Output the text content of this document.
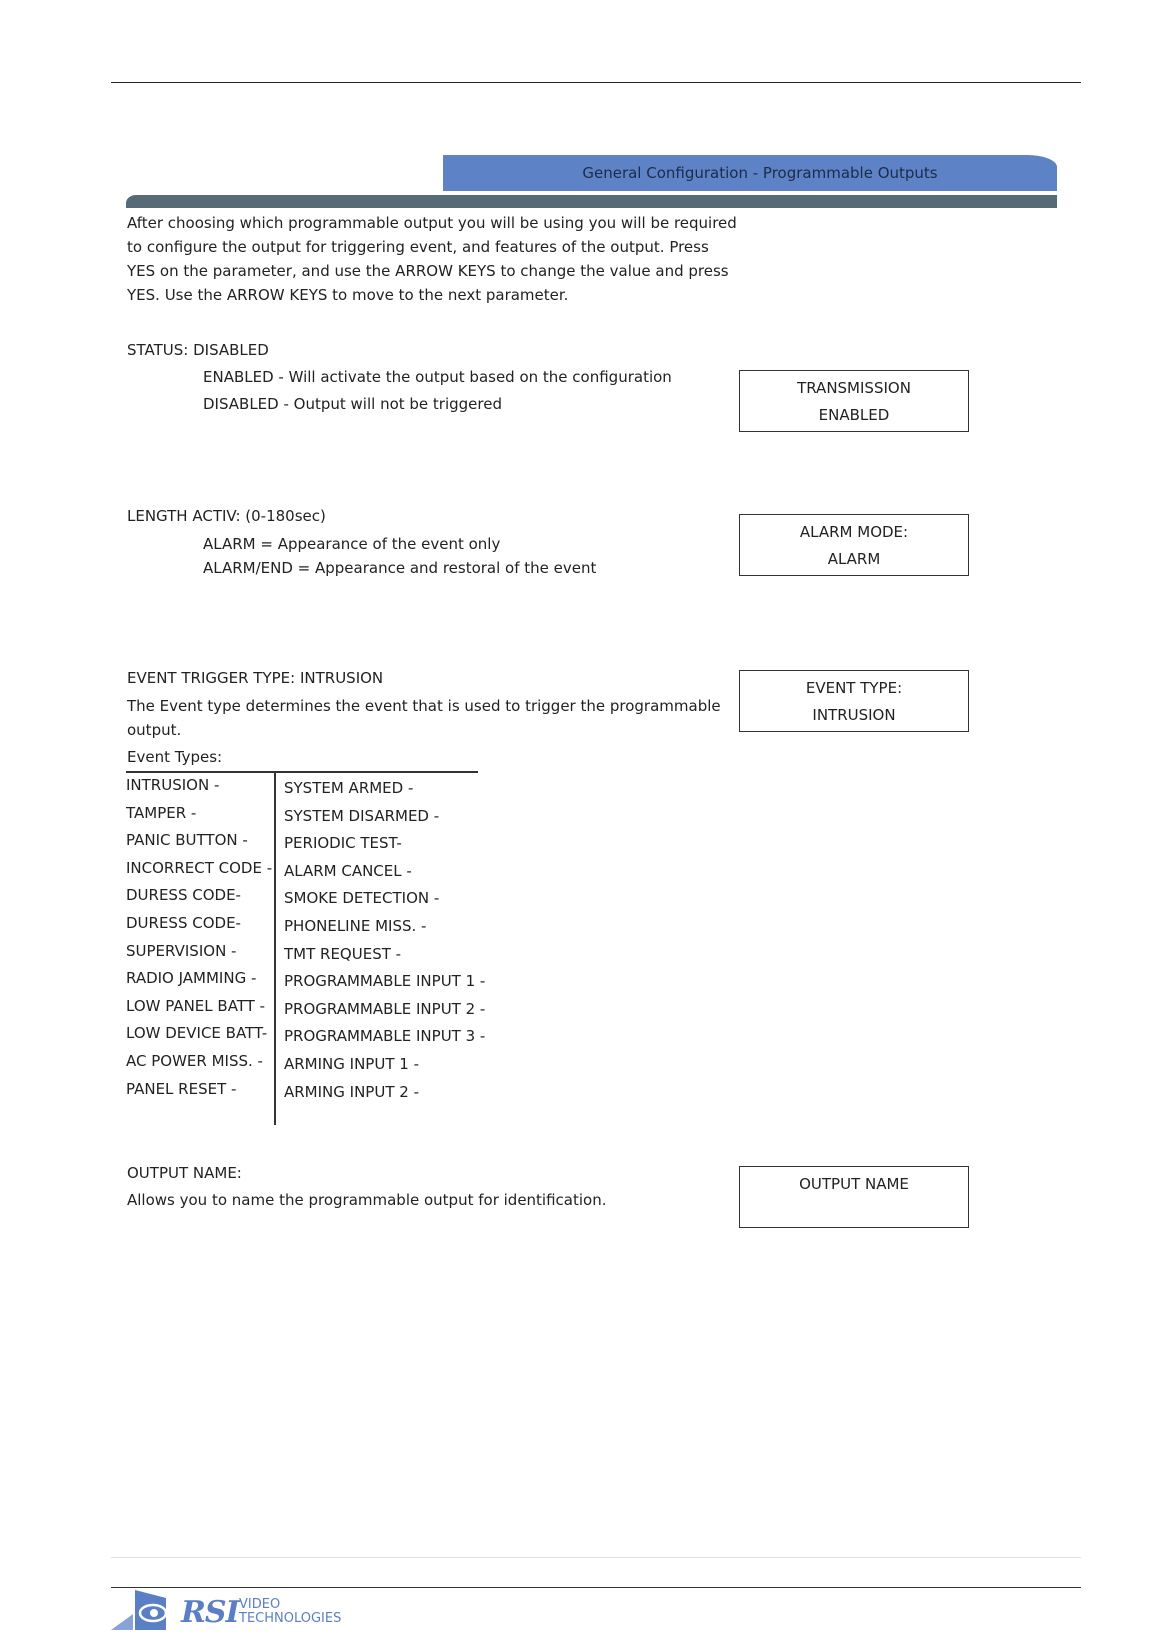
General Configuration - Programmable Outputs
After choosing which programmable output you will be using you will be required
to configure the output for triggering event, and features of the output. Press
YES on the parameter, and use the ARROW KEYS to change the value and press
YES. Use the ARROW KEYS to move to the next parameter.
STATUS: DISABLED
ENABLED - Will activate the output based on the configuration
DISABLED - Output will not be triggered
TRANSMISSION
ENABLED
LENGTH ACTIV: (0-180sec)
ALARM = Appearance of the event only
ALARM/END = Appearance and restoral of the event
ALARM MODE:
ALARM
EVENT TRIGGER TYPE: INTRUSION
The Event type determines the event that is used to trigger the programmable
output.
Event Types:
EVENT TYPE:
INTRUSION
INTRUSION -
TAMPER -
PANIC BUTTON -
INCORRECT CODE -
DURESS CODE-
DURESS CODE-
SUPERVISION -
RADIO JAMMING -
LOW PANEL BATT -
LOW DEVICE BATT-
AC POWER MISS. -
PANEL RESET -
SYSTEM ARMED -
SYSTEM DISARMED -
PERIODIC TEST-
ALARM CANCEL -
SMOKE DETECTION -
PHONELINE MISS. -
TMT REQUEST -
PROGRAMMABLE INPUT 1 -
PROGRAMMABLE INPUT 2 -
PROGRAMMABLE INPUT 3 -
ARMING INPUT 1 -
ARMING INPUT 2 -
OUTPUT NAME:
Allows you to name the programmable output for identification.
OUTPUT NAME
RSI VIDEO
TECHNOLOGIES
